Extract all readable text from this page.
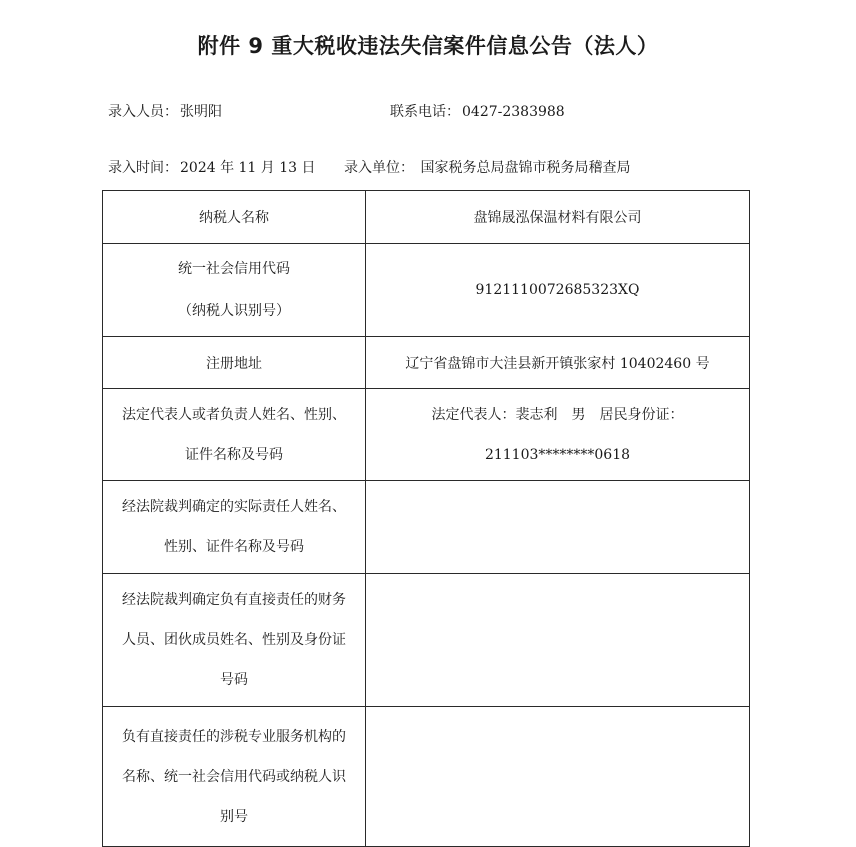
附件 9 重大税收违法失信案件信息公告（法人）
录入人员： 张明阳	联系电话： 0427-2383988
录入时间： 2024 年 11 月 13 日 录入单位： 国家税务总局盘锦市税务局稽查局
纳税人名称	盘锦晟泓保温材料有限公司

统一社会信用代码
（纳税人识别号）	9121110072685323XQ

注册地址	辽宁省盘锦市大洼县新开镇张家村 10402460 号

法定代表人或者负责人姓名、性别、
证件名称及号码	法定代表人：裴志利　男　居民身份证：
211103********0618

经法院裁判确定的实际责任人姓名、
性别、证件名称及号码	

经法院裁判确定负有直接责任的财务
人员、团伙成员姓名、性别及身份证
号码	

负有直接责任的涉税专业服务机构的
名称、统一社会信用代码或纳税人识
别号	
